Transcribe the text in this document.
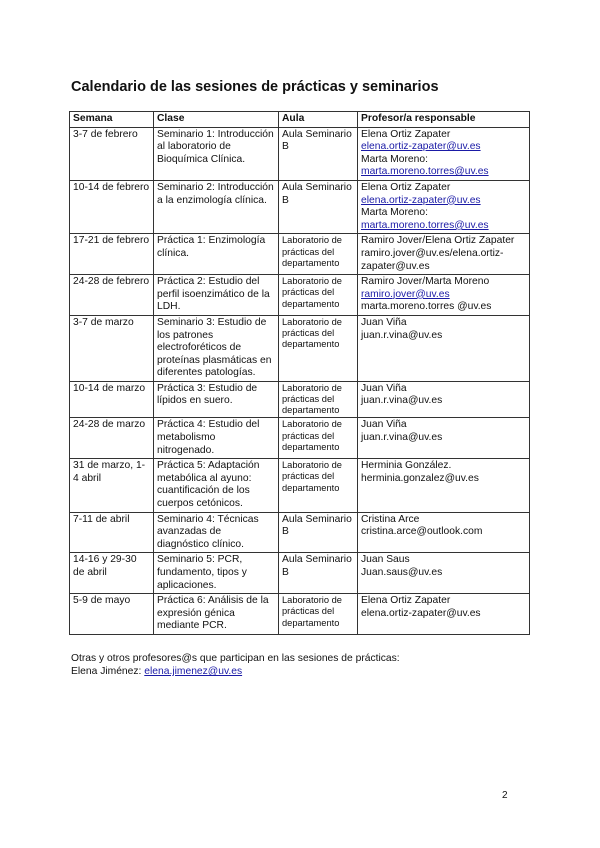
Calendario de las sesiones de prácticas y seminarios
Semana	Clase	Aula	Profesor/a responsable
3-7 de febrero	Seminario 1: Introducción al laboratorio de Bioquímica Clínica.	Aula Seminario B	Elena Ortiz Zapater
elena.ortiz-zapater@uv.es
Marta Moreno:
marta.moreno.torres@uv.es

10-14 de febrero	Seminario 2: Introducción a la enzimología clínica.	Aula Seminario B	Elena Ortiz Zapater
elena.ortiz-zapater@uv.es
Marta Moreno:
marta.moreno.torres@uv.es

17-21 de febrero	Práctica 1: Enzimología clínica.	Laboratorio de prácticas del departamento	Ramiro Jover/Elena Ortiz Zapater
ramiro.jover@uv.es/elena.ortiz-zapater@uv.es

24-28 de febrero	Práctica 2: Estudio del perfil isoenzimático de la LDH.	Laboratorio de prácticas del departamento	Ramiro Jover/Marta Moreno
ramiro.jover@uv.es
marta.moreno.torres @uv.es

3-7 de marzo	Seminario 3: Estudio de los patrones electroforéticos de proteínas plasmáticas en diferentes patologías.	Laboratorio de prácticas del departamento	Juan Viña
juan.r.vina@uv.es

10-14 de marzo	Práctica 3: Estudio de lípidos en suero.	Laboratorio de prácticas del departamento	Juan Viña
juan.r.vina@uv.es

24-28 de marzo	Práctica 4: Estudio del metabolismo nitrogenado.	Laboratorio de prácticas del departamento	Juan Viña
juan.r.vina@uv.es

31 de marzo, 1-4 abril	Práctica 5: Adaptación metabólica al ayuno: cuantificación de los cuerpos cetónicos.	Laboratorio de prácticas del departamento	Herminia González.
herminia.gonzalez@uv.es

7-11 de abril	Seminario 4: Técnicas avanzadas de diagnóstico clínico.	Aula Seminario B	Cristina Arce
cristina.arce@outlook.com

14-16 y 29-30 de abril	Seminario 5: PCR, fundamento, tipos y aplicaciones.	Aula Seminario B	Juan Saus
Juan.saus@uv.es

5-9 de mayo	Práctica 6: Análisis de la expresión génica mediante PCR.	Laboratorio de prácticas del departamento	Elena Ortiz Zapater
elena.ortiz-zapater@uv.es
Otras y otros profesores@s que participan en las sesiones de prácticas:
Elena Jiménez: elena.jimenez@uv.es
2
